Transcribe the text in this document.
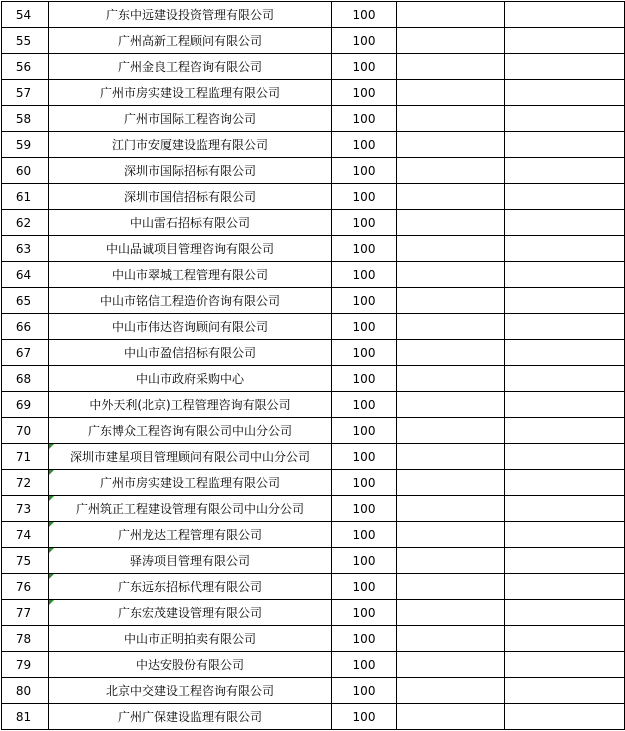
54	广东中远建设投资管理有限公司	100		
55	广州高新工程顾问有限公司	100		
56	广州金良工程咨询有限公司	100		
57	广州市房实建设工程监理有限公司	100		
58	广州市国际工程咨询公司	100		
59	江门市安厦建设监理有限公司	100		
60	深圳市国际招标有限公司	100		
61	深圳市国信招标有限公司	100		
62	中山雷石招标有限公司	100		
63	中山品诚项目管理咨询有限公司	100		
64	中山市翠城工程管理有限公司	100		
65	中山市铭信工程造价咨询有限公司	100		
66	中山市伟达咨询顾问有限公司	100		
67	中山市盈信招标有限公司	100		
68	中山市政府采购中心	100		
69	中外天利(北京)工程管理咨询有限公司	100		
70	广东博众工程咨询有限公司中山分公司	100		
71	深圳市建星项目管理顾问有限公司中山分公司	100		
72	广州市房实建设工程监理有限公司	100		
73	广州筑正工程建设管理有限公司中山分公司	100		
74	广州龙达工程管理有限公司	100		
75	驿涛项目管理有限公司	100		
76	广东远东招标代理有限公司	100		
77	广东宏茂建设管理有限公司	100		
78	中山市正明拍卖有限公司	100		
79	中达安股份有限公司	100		
80	北京中交建设工程咨询有限公司	100		
81	广州广保建设监理有限公司	100		
